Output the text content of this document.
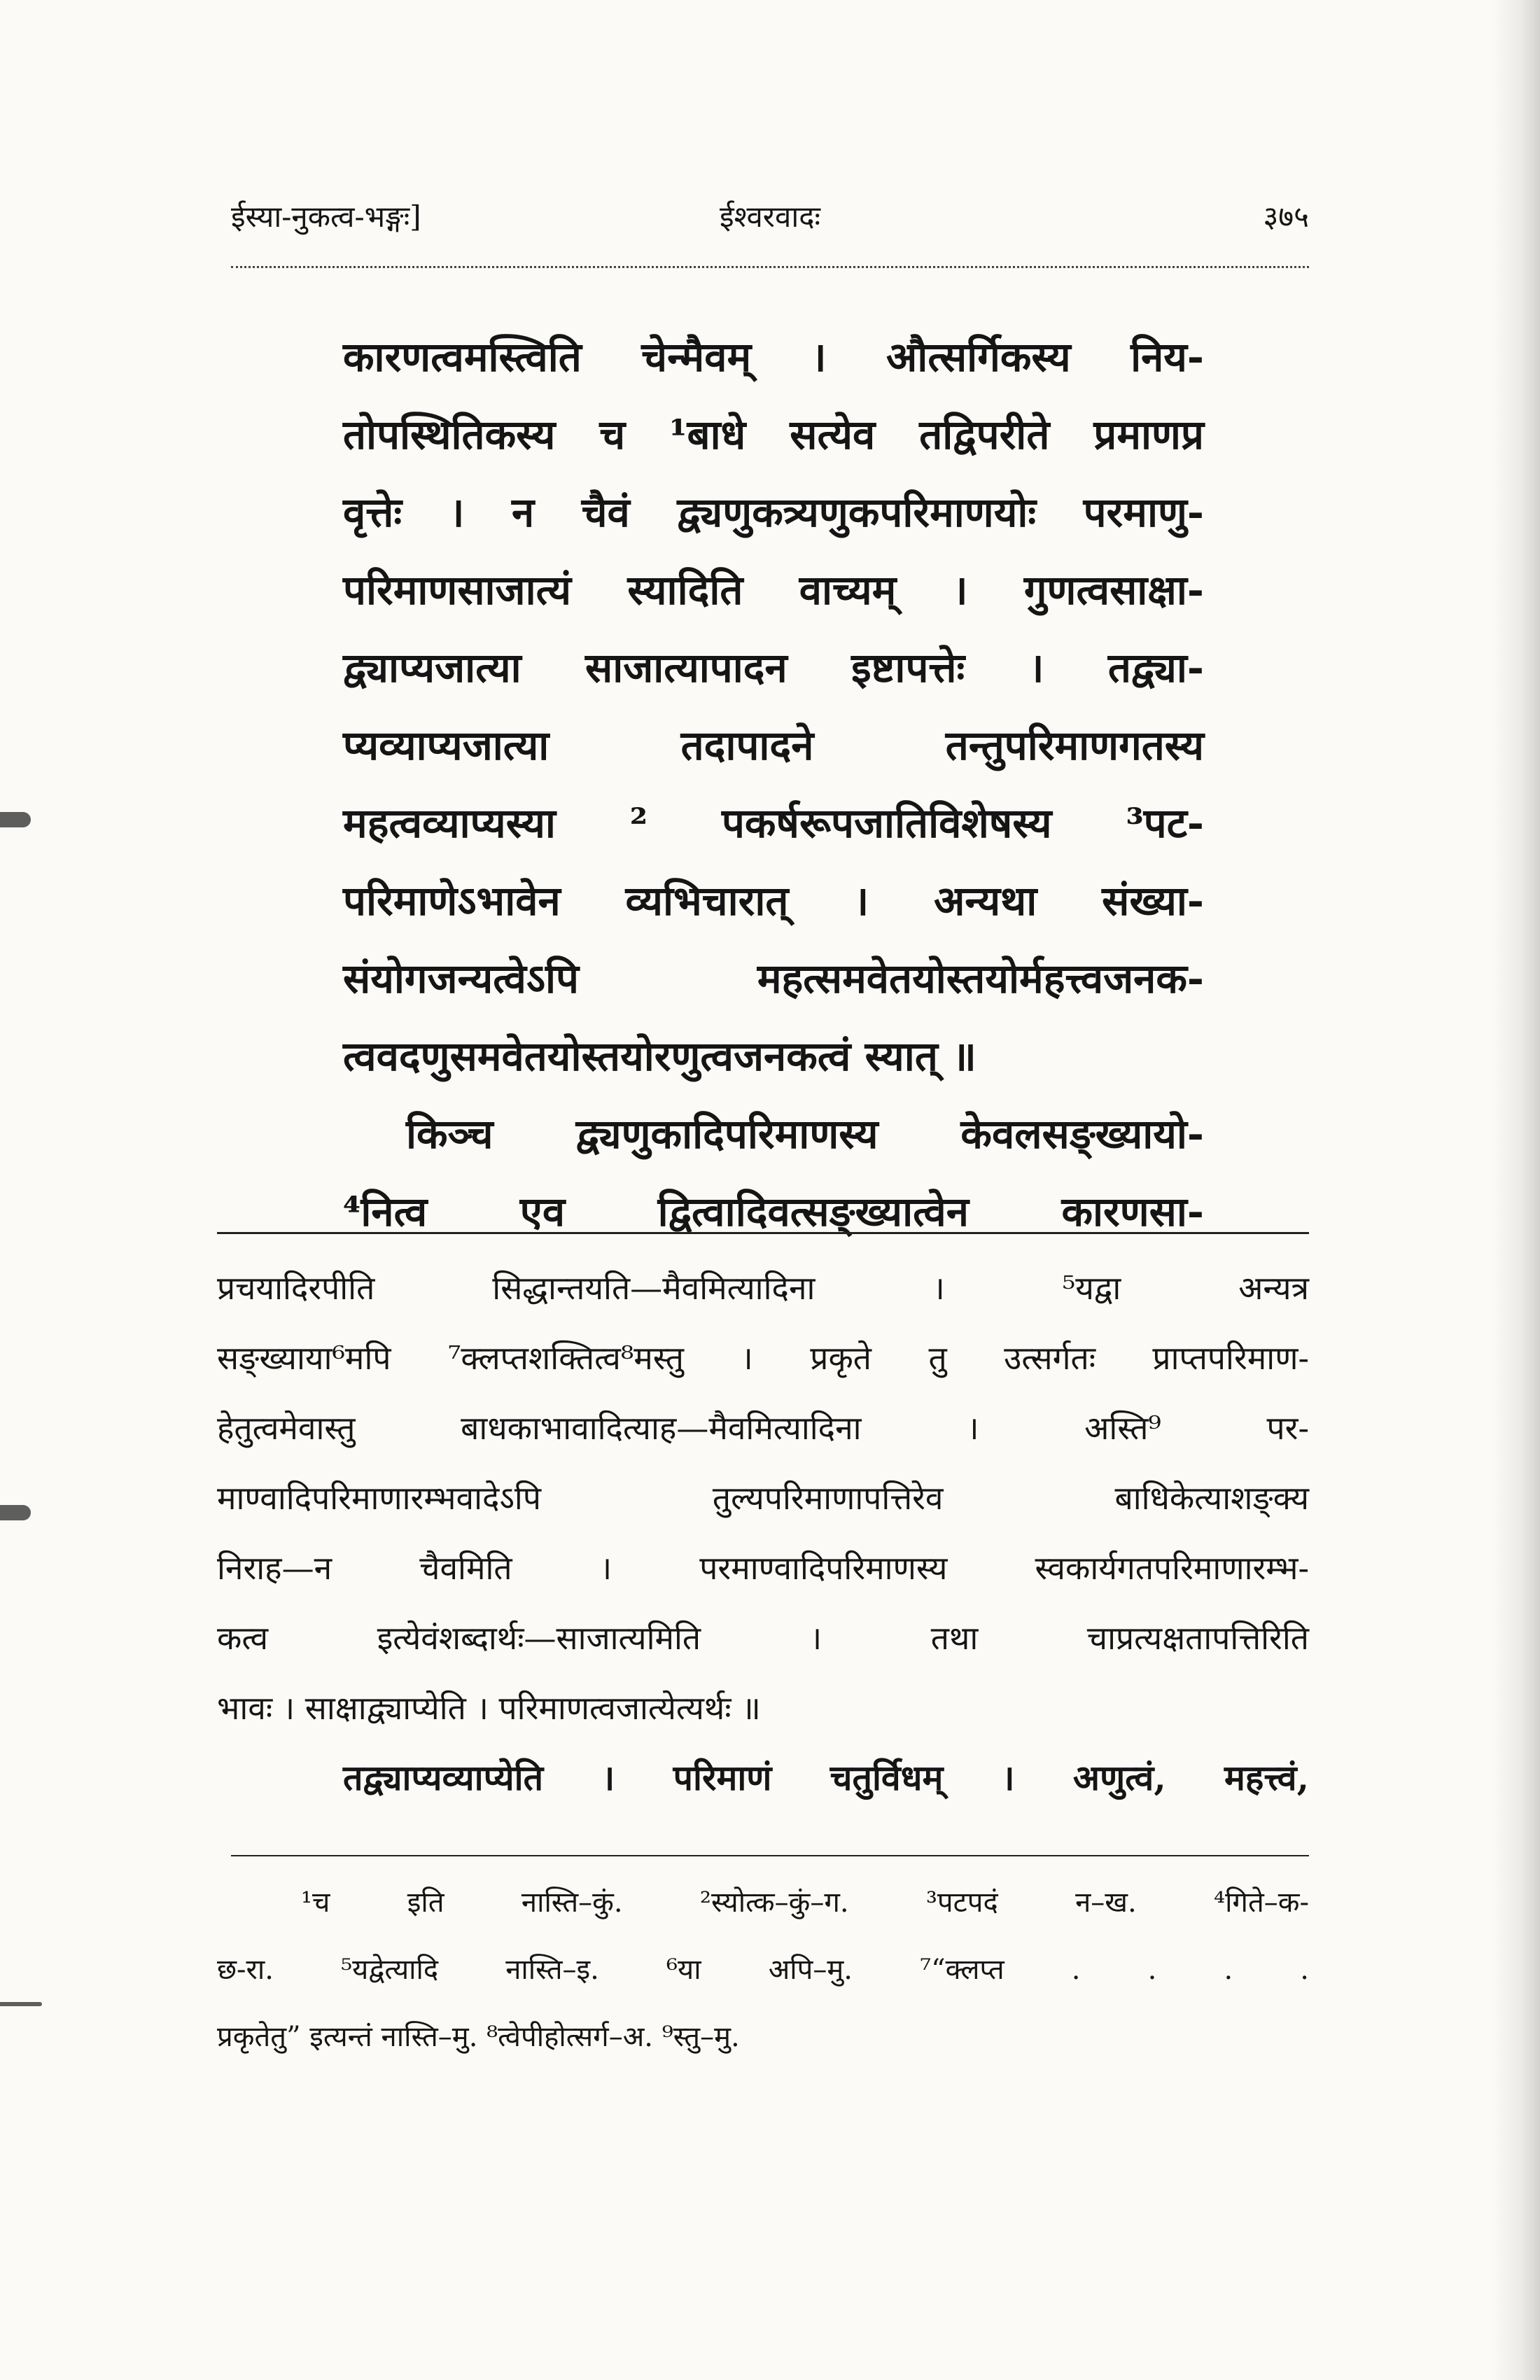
ईस्या-नुकत्व-भङ्गः]	ईश्वरवादः	३७५
कारणत्वमस्त्विति चेन्मैवम् । औत्सर्गिकस्य निय-
तोपस्थितिकस्य च ¹बाधे सत्येव तद्विपरीते प्रमाणप्र
वृत्तेः । न चैवं द्व्यणुकत्र्यणुकपरिमाणयोः परमाणु-
परिमाणसाजात्यं स्यादिति वाच्यम् । गुणत्वसाक्षा-
द्व्याप्यजात्या साजात्यापादन इष्टापत्तेः । तद्व्या-
प्यव्याप्यजात्या तदापादने तन्तुपरिमाणगतस्य
महत्वव्याप्यस्या ² पकर्षरूपजातिविशेषस्य ³पट-
परिमाणेऽभावेन व्यभिचारात् । अन्यथा संख्या-
संयोगजन्यत्वेऽपि महत्समवेतयोस्तयोर्महत्त्वजनक-
त्ववदणुसमवेतयोस्तयोरणुत्वजनकत्वं स्यात् ॥
किञ्च द्व्यणुकादिपरिमाणस्य केवलसङ्ख्यायो-
⁴नित्व एव द्वित्वादिवत्सङ्ख्यात्वेन कारणसा-
प्रचयादिरपीति सिद्धान्तयति—मैवमित्यादिना । ⁵यद्वा अन्यत्र
सङ्ख्याया⁶मपि ⁷क्लप्तशक्तित्व⁸मस्तु । प्रकृते तु उत्सर्गतः प्राप्तपरिमाण-
हेतुत्वमेवास्तु बाधकाभावादित्याह—मैवमित्यादिना । अस्ति⁹ पर-
माण्वादिपरिमाणारम्भवादेऽपि तुल्यपरिमाणापत्तिरेव बाधिकेत्याशङ्क्य
निराह—न चैवमिति । परमाण्वादिपरिमाणस्य स्वकार्यगतपरिमाणारम्भ-
कत्व इत्येवंशब्दार्थः—साजात्यमिति । तथा चाप्रत्यक्षतापत्तिरिति
भावः । साक्षाद्व्याप्येति । परिमाणत्वजात्येत्यर्थः ॥
तद्व्याप्यव्याप्येति । परिमाणं चतुर्विधम् । अणुत्वं, महत्त्वं,
¹च इति नास्ति–कुं. ²स्योत्क–कुं–ग. ³पटपदं न–ख. ⁴गिते–क-
छ-रा. ⁵यद्वेत्यादि नास्ति–इ. ⁶या अपि–मु. ⁷“क्लप्त . . . .
प्रकृतेतु” इत्यन्तं नास्ति–मु. ⁸त्वेपीहोत्सर्ग–अ. ⁹स्तु–मु.
